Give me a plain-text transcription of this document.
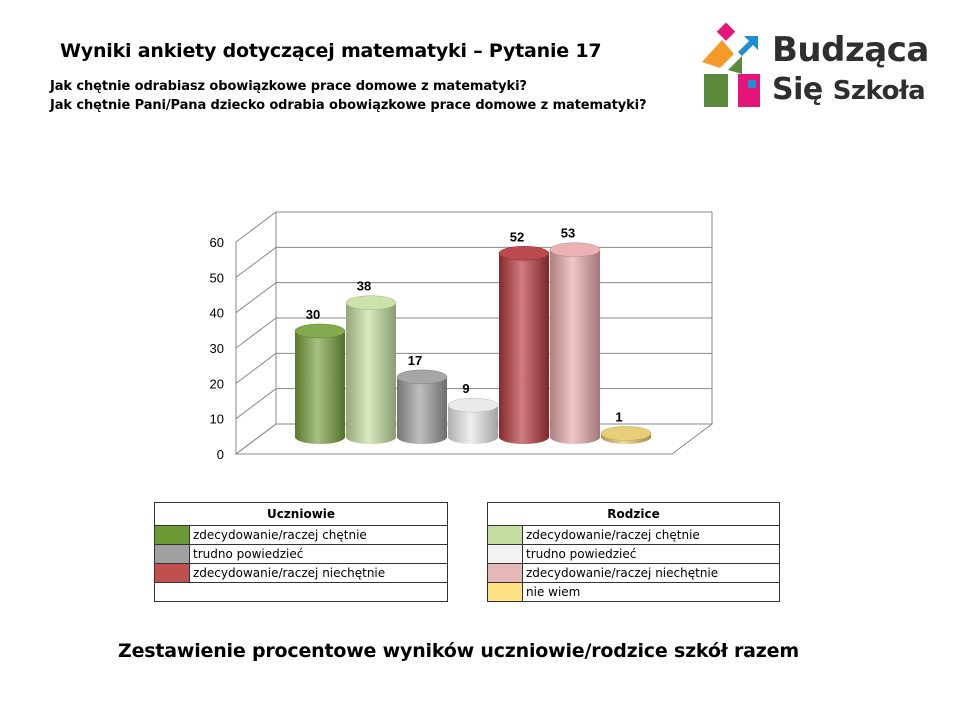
Wyniki ankiety dotyczącej matematyki – Pytanie 17
Jak chętnie odrabiasz obowiązkowe prace domowe z matematyki?
Jak chętnie Pani/Pana dziecko odrabia obowiązkowe prace domowe z matematyki?
Budząca
Się Szkoła
0
10
20
30
40
50
60
30
38
17
9
52	53
1
Uczniowie	
	zdecydowanie/raczej chętnie
	trudno powiedzieć
	zdecydowanie/raczej niechętnie

Rodzice	
	zdecydowanie/raczej chętnie
	trudno powiedzieć
	zdecydowanie/raczej niechętnie
	nie wiem
Zestawienie procentowe wyników uczniowie/rodzice szkół razem
